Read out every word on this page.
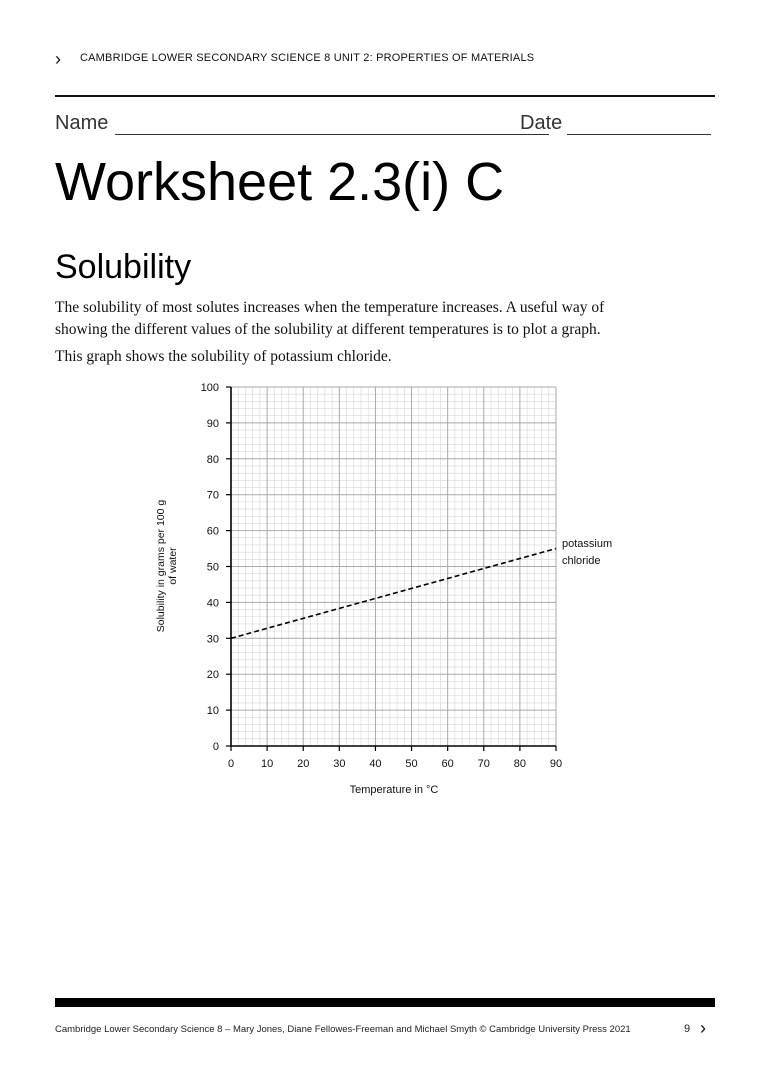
› CAMBRIDGE LOWER SECONDARY SCIENCE 8 UNIT 2: PROPERTIES OF MATERIALS
Name	Date
Worksheet 2.3(i) C
Solubility
The solubility of most solutes increases when the temperature increases. A useful way of showing the different values of the solubility at different temperatures is to plot a graph.
This graph shows the solubility of potassium chloride.
0 10 20 30 40 50 60 70 80 90
0
10
20
30
40
50
60
70
80
90
100
Temperature in °C
Solubility in grams per 100 g of water
potassium
chloride
Cambridge Lower Secondary Science 8 – Mary Jones, Diane Fellowes-Freeman and Michael Smyth © Cambridge University Press 2021	9 ›
